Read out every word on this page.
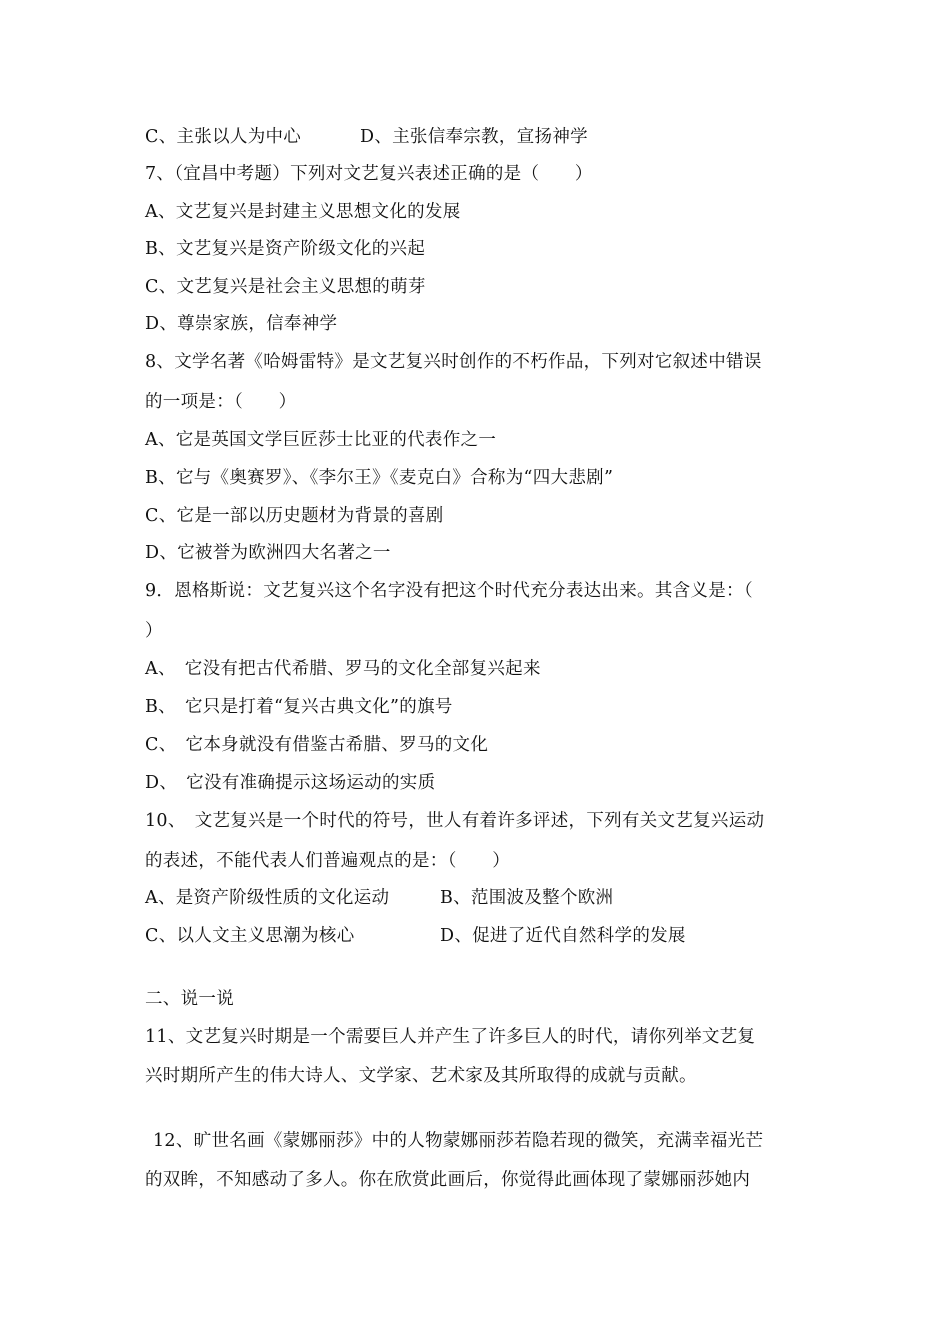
C、主张以人为中心	D、主张信奉宗教，宣扬神学
7、（宜昌中考题）下列对文艺复兴表述正确的是（　　）
A、文艺复兴是封建主义思想文化的发展
B、文艺复兴是资产阶级文化的兴起
C、文艺复兴是社会主义思想的萌芽
D、尊崇家族，信奉神学
8、文学名著《哈姆雷特》是文艺复兴时创作的不朽作品，下列对它叙述中错误
的一项是：（　　）
A、它是英国文学巨匠莎士比亚的代表作之一
B、它与《奥赛罗》、《李尔王》《麦克白》合称为“四大悲剧”
C、它是一部以历史题材为背景的喜剧
D、它被誉为欧洲四大名著之一
9．恩格斯说：文艺复兴这个名字没有把这个时代充分表达出来。其含义是：（
）
A、　它没有把古代希腊、罗马的文化全部复兴起来
B、　它只是打着“复兴古典文化”的旗号
C、　它本身就没有借鉴古希腊、罗马的文化
D、　它没有准确提示这场运动的实质
10、　文艺复兴是一个时代的符号，世人有着许多评述，下列有关文艺复兴运动
的表述，不能代表人们普遍观点的是：（　　）
A、是资产阶级性质的文化运动	B、范围波及整个欧洲
C、以人文主义思潮为核心	D、促进了近代自然科学的发展
二、说一说
11、文艺复兴时期是一个需要巨人并产生了许多巨人的时代，请你列举文艺复
兴时期所产生的伟大诗人、文学家、艺术家及其所取得的成就与贡献。
12、旷世名画《蒙娜丽莎》中的人物蒙娜丽莎若隐若现的微笑，充满幸福光芒
的双眸，不知感动了多人。你在欣赏此画后，你觉得此画体现了蒙娜丽莎她内
